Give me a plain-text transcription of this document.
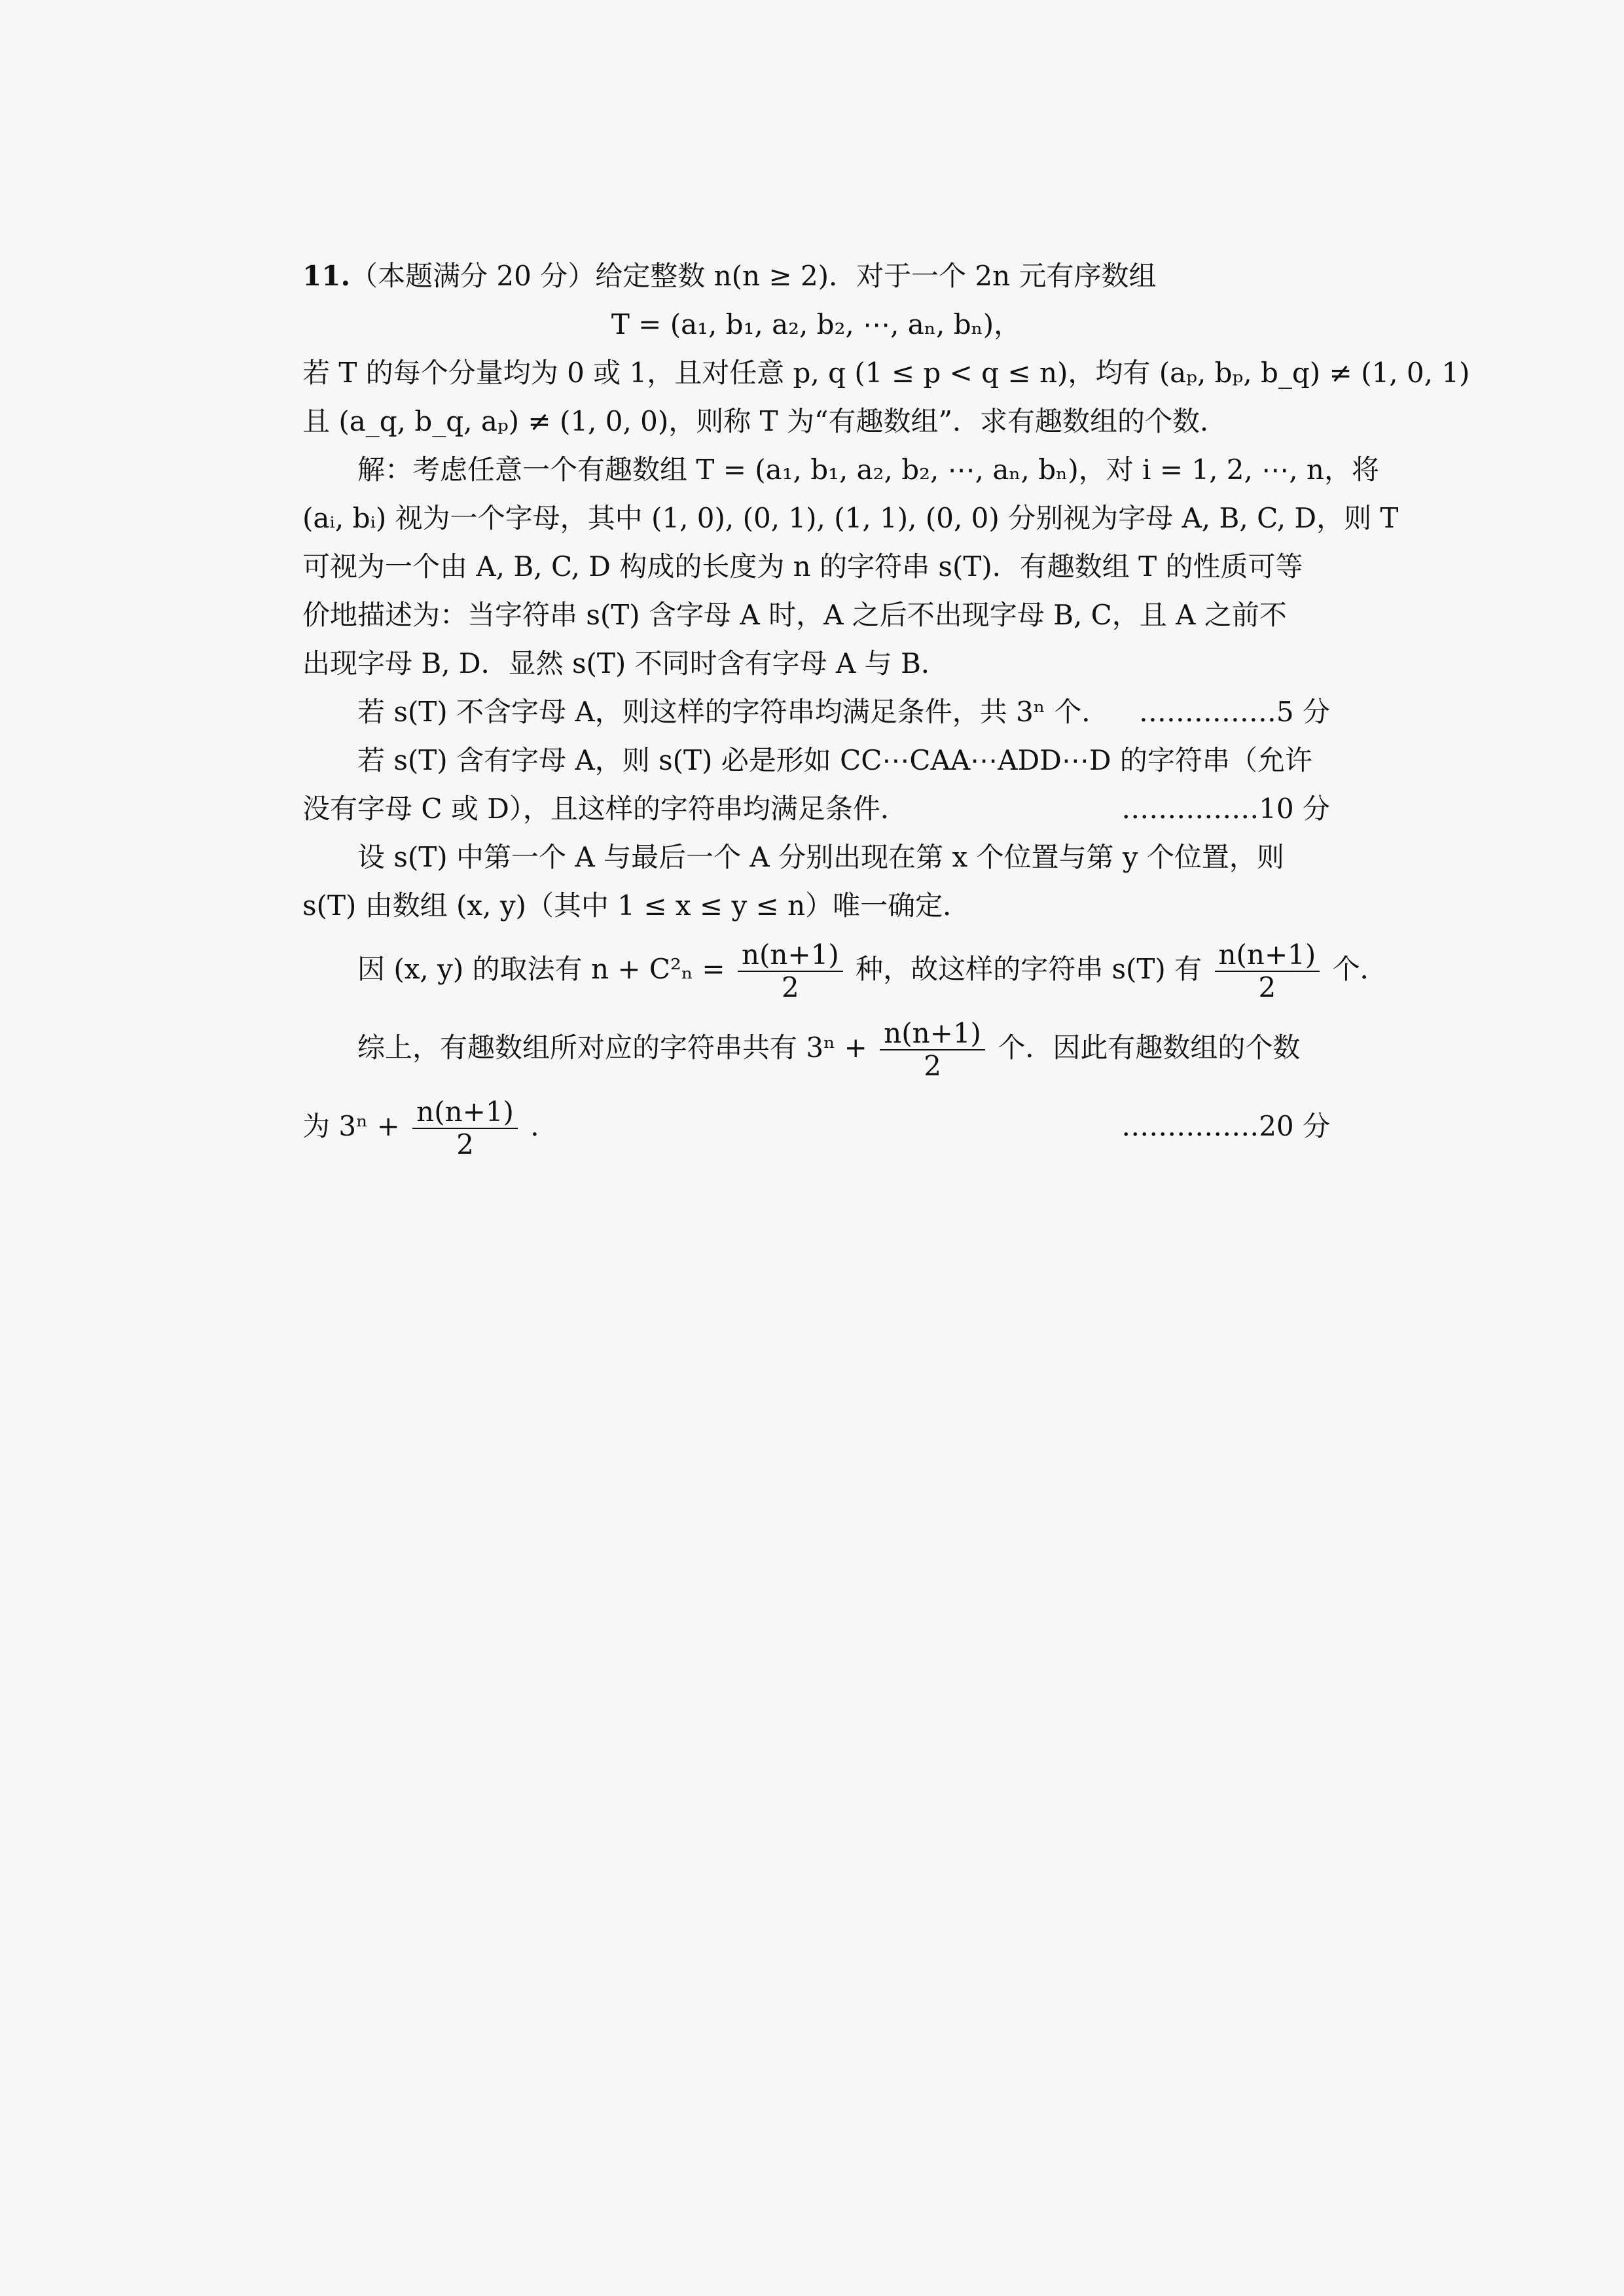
11.（本题满分 20 分）给定整数 n(n ≥ 2)．对于一个 2n 元有序数组
T = (a₁, b₁, a₂, b₂, ⋯, aₙ, bₙ)，
若 T 的每个分量均为 0 或 1，且对任意 p, q (1 ≤ p < q ≤ n)，均有 (aₚ, bₚ, b_q) ≠ (1, 0, 1)
且 (a_q, b_q, aₚ) ≠ (1, 0, 0)，则称 T 为“有趣数组”．求有趣数组的个数．
解：考虑任意一个有趣数组 T = (a₁, b₁, a₂, b₂, ⋯, aₙ, bₙ)，对 i = 1, 2, ⋯, n，将
(aᵢ, bᵢ) 视为一个字母，其中 (1, 0), (0, 1), (1, 1), (0, 0) 分别视为字母 A, B, C, D，则 T
可视为一个由 A, B, C, D 构成的长度为 n 的字符串 s(T)．有趣数组 T 的性质可等
价地描述为：当字符串 s(T) 含字母 A 时，A 之后不出现字母 B, C，且 A 之前不
出现字母 B, D．显然 s(T) 不同时含有字母 A 与 B．
若 s(T) 不含字母 A，则这样的字符串均满足条件，共 3ⁿ 个． ……………5 分
若 s(T) 含有字母 A，则 s(T) 必是形如 CC⋯CAA⋯ADD⋯D 的字符串（允许
没有字母 C 或 D），且这样的字符串均满足条件．	……………10 分
设 s(T) 中第一个 A 与最后一个 A 分别出现在第 x 个位置与第 y 个位置，则
s(T) 由数组 (x, y)（其中 1 ≤ x ≤ y ≤ n）唯一确定．
因 (x, y) 的取法有 $n + C^2_n = \frac{n(n+1)}{2}$ 种，故这样的字符串 s(T) 有 $\frac{n(n+1)}{2}$ 个．
综上，有趣数组所对应的字符串共有 $3^n + \frac{n(n+1)}{2}$ 个．因此有趣数组的个数
为 $3^n + \frac{n(n+1)}{2}$ ．	……………20 分
